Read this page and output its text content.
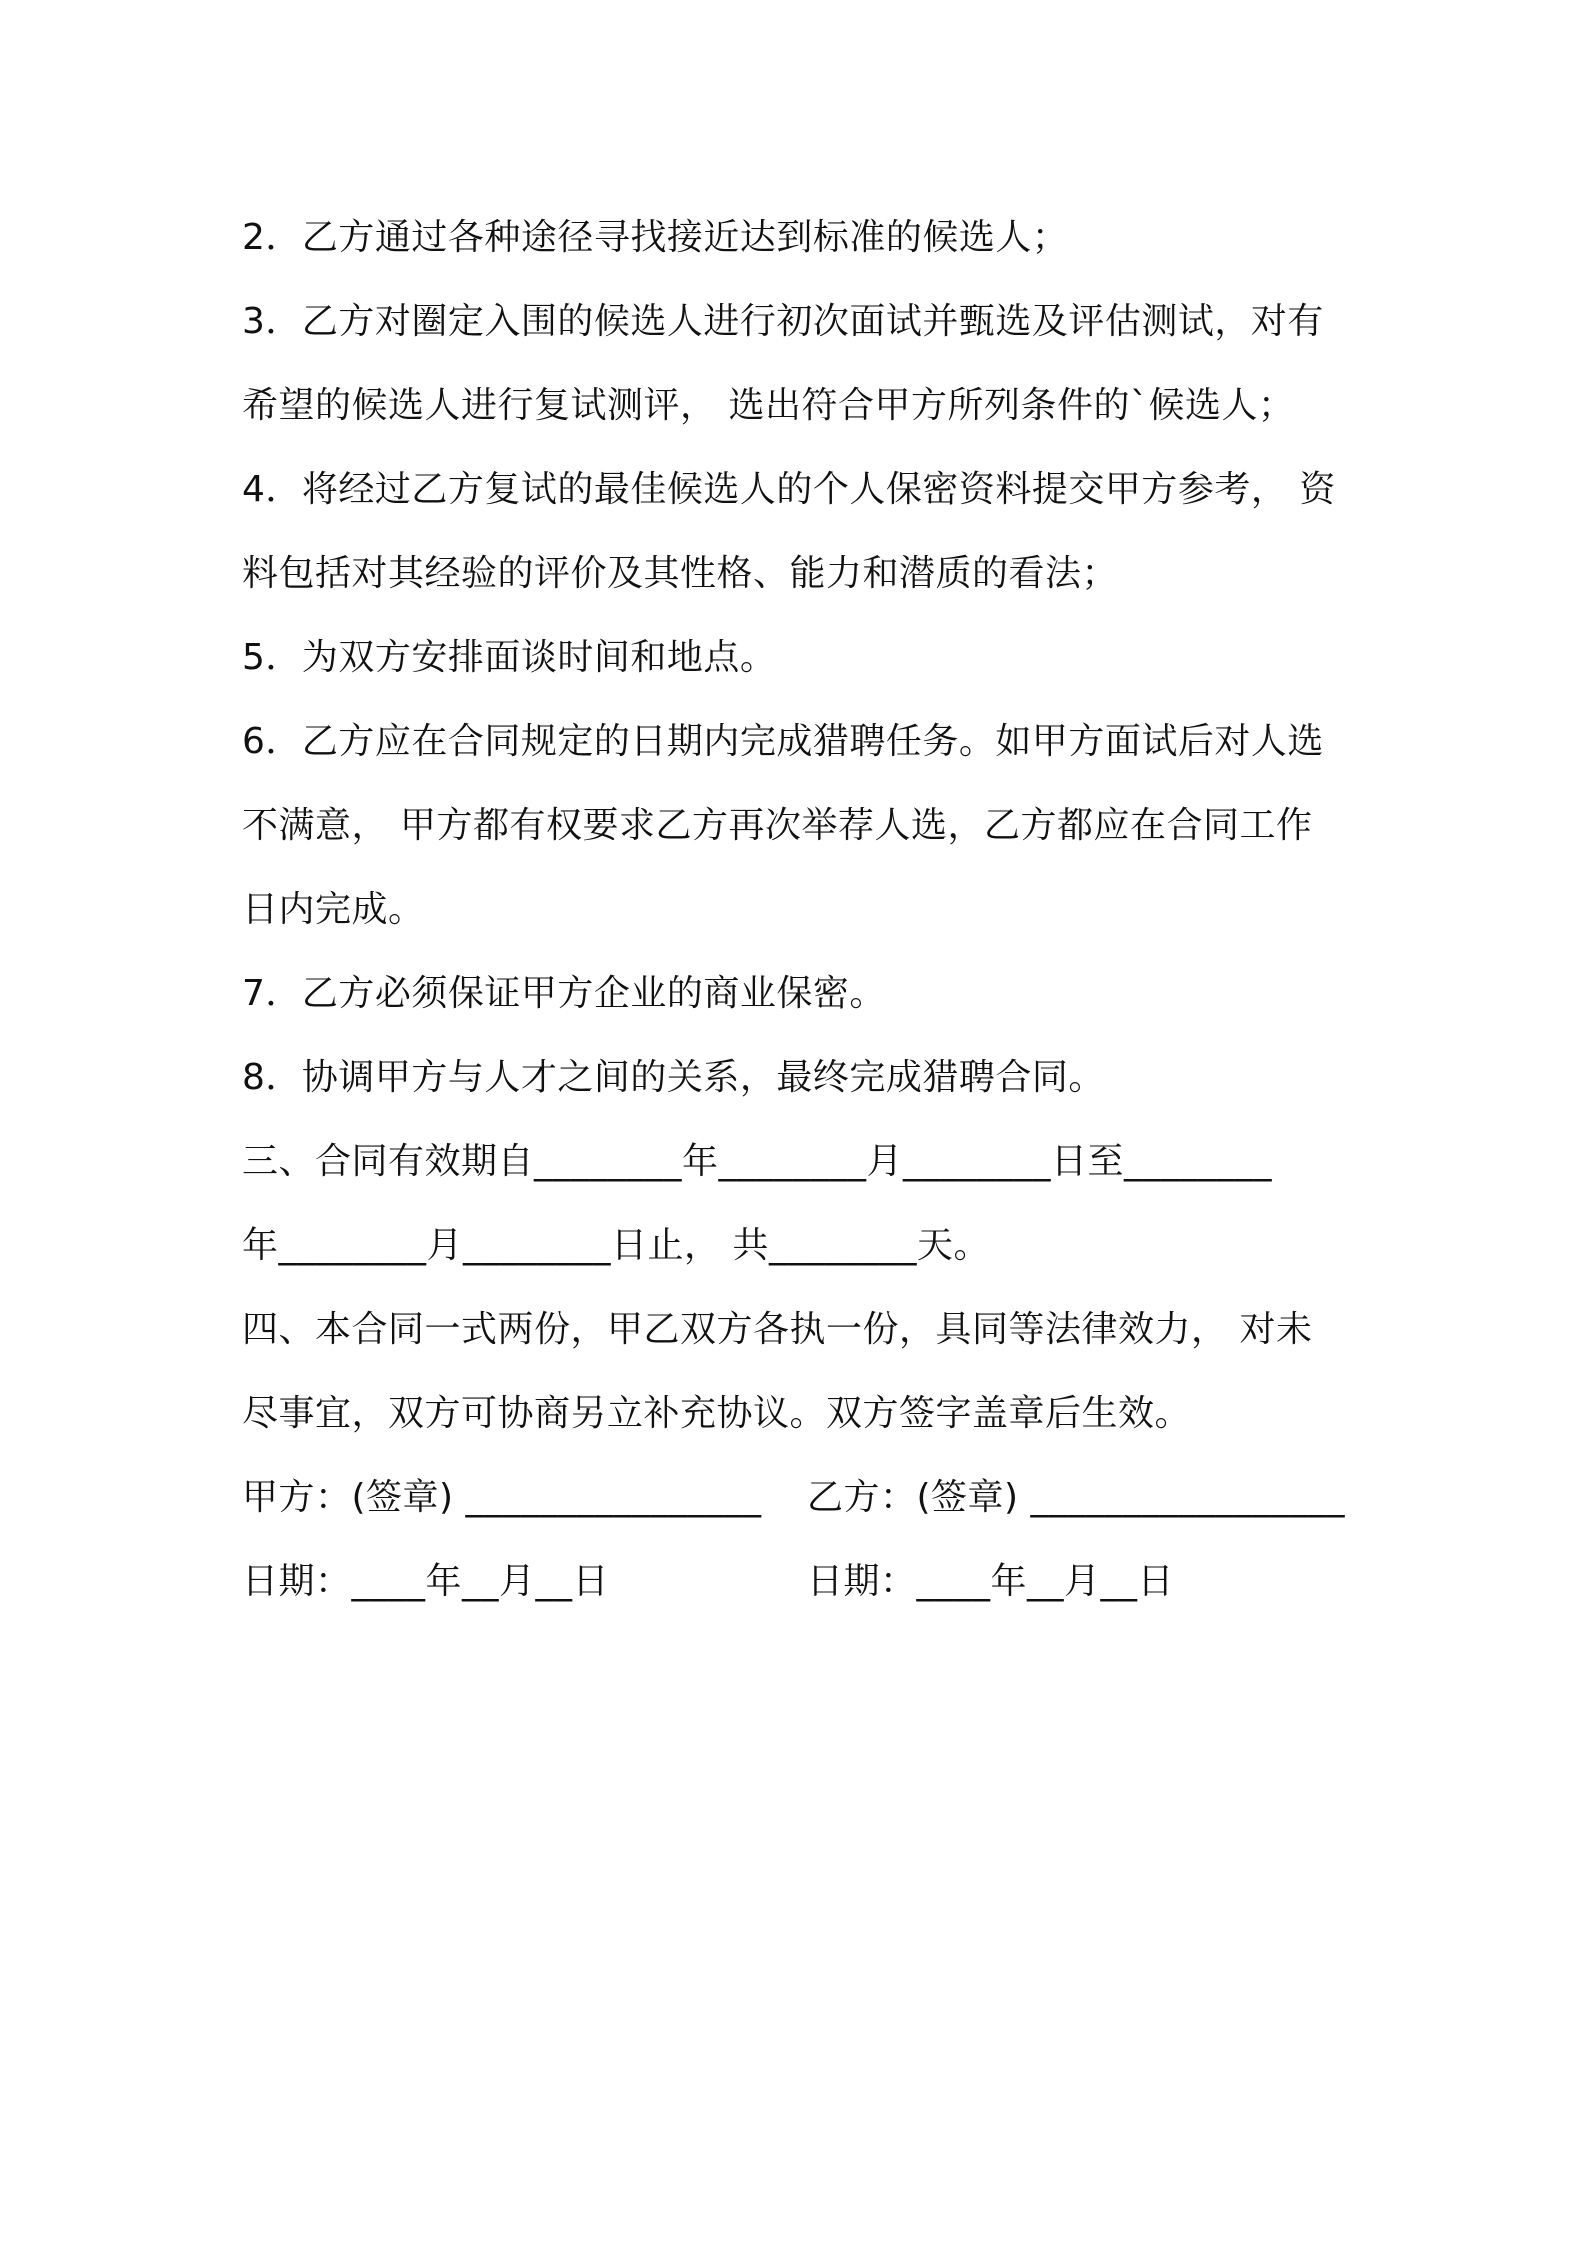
2．乙方通过各种途径寻找接近达到标准的候选人；
3．乙方对圈定入围的候选人进行初次面试并甄选及评估测试，对有
希望的候选人进行复试测评， 选出符合甲方所列条件的`候选人；
4．将经过乙方复试的最佳候选人的个人保密资料提交甲方参考， 资
料包括对其经验的评价及其性格、能力和潜质的看法；
5．为双方安排面谈时间和地点。
6．乙方应在合同规定的日期内完成猎聘任务。如甲方面试后对人选
不满意， 甲方都有权要求乙方再次举荐人选，乙方都应在合同工作
日内完成。
7．乙方必须保证甲方企业的商业保密。
8．协调甲方与人才之间的关系，最终完成猎聘合同。
三、合同有效期自________年________月________日至________
年________月________日止， 共________天。
四、本合同一式两份，甲乙双方各执一份，具同等法律效力， 对未
尽事宜，双方可协商另立补充协议。双方签字盖章后生效。
甲方：(签章) ________________	乙方：(签章) _________________
日期：____年__月__日	日期：____年__月__日
